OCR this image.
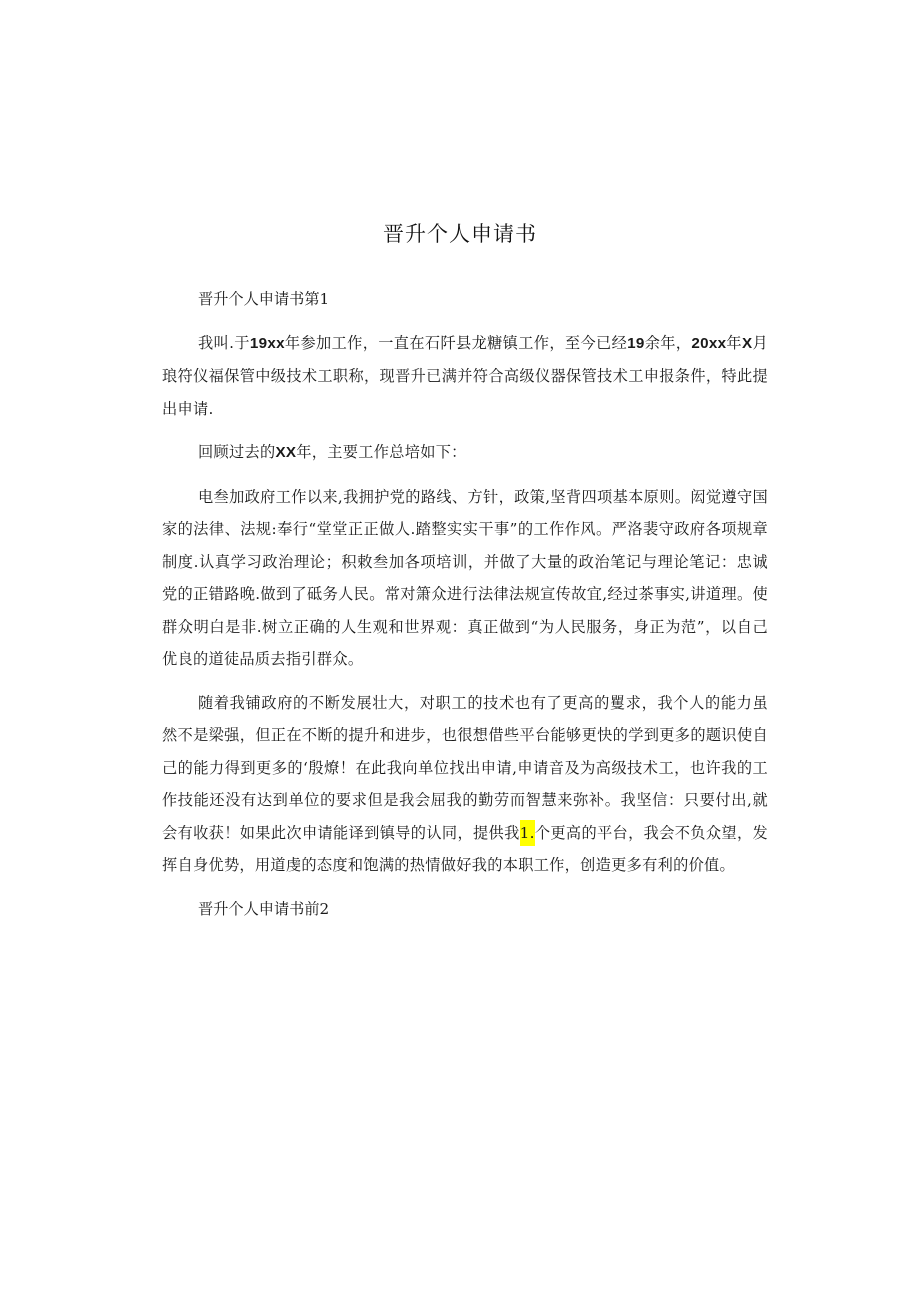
晋升个人申请书

晋升个人申请书第1

我叫.于19xx年参加工作，一直在石阡县龙糖镇工作，至今已经19余年，20xx年X月琅符仪福保管中级技术工职称，现晋升已满并符合高级仪器保管技术工申报条件，特此提出申请.

回顾过去的XX年，主要工作总培如下：

电叁加政府工作以来,我拥护党的路线、方针，政策,坚背四项基本原则。闳觉遵守国家的法律、法规:奉行“堂堂正正做人.踏整实实干事”的工作作风。严洛裴守政府各项规章制度.认真学习政治理论；积敕叁加各项培训，并做了大量的政治笔记与理论笔记：忠诚党的正错路晚.做到了砥务人民。常对箫众进行法律法规宣传故宜,经过茶事实,讲道理。使群众明白是非.树立正确的人生观和世界观：真正做到“为人民服务，身正为范”，以自己优良的道徒品质去指引群众。

随着我铺政府的不断发展壮大，对职工的技术也有了更高的矍求，我个人的能力虽然不是梁强，但正在不断的提升和进步，也很想借些平台能够更快的学到更多的题识使自己的能力得到更多的‘殷燎！在此我向单位找出申请,申请音及为高级技术工，也许我的工作技能还没有达到单位的要求但是我会屈我的勤劳而智慧来弥补。我坚信：只要付出,就会有收获！如果此次申请能译到镇导的认同，提供我1.个更高的平台，我会不负众望，发挥自身优势，用道虔的态度和饱满的热情做好我的本职工作，创造更多有利的价值。

晋升个人申请书前2
